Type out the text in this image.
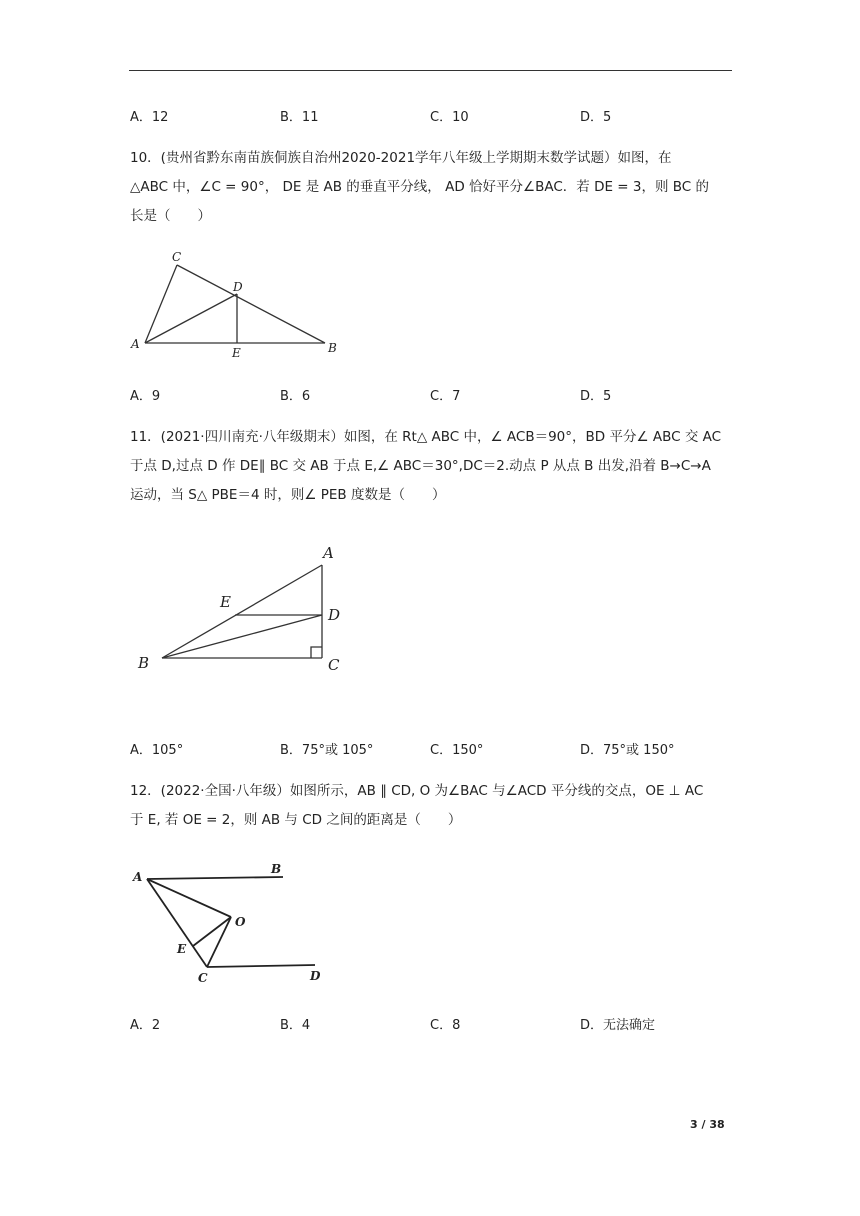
A．12	B．11	C．10	D．5
10．(贵州省黔东南苗族侗族自治州2020-2021学年八年级上学期期末数学试题）如图，在
△ABC 中，∠C = 90°， DE 是 AB 的垂直平分线， AD 恰好平分∠BAC．若 DE = 3，则 BC 的
长是（　　）
C
D
A
E	B
A．9	B．6	C．7	D．5
11．(2021·四川南充·八年级期末）如图，在 Rt△ ABC 中，∠ ACB＝90°，BD 平分∠ ABC 交 AC
于点 D,过点 D 作 DE∥ BC 交 AB 于点 E,∠ ABC＝30°,DC＝2.动点 P 从点 B 出发,沿着 B→C→A
运动，当 S△ PBE＝4 时，则∠ PEB 度数是（　　）
A
E
D
B	C
A．105°	B．75°或 105°	C．150°	D．75°或 150°
12．(2022·全国·八年级）如图所示，AB ∥ CD, O 为∠BAC 与∠ACD 平分线的交点，OE ⊥ AC
于 E, 若 OE = 2，则 AB 与 CD 之间的距离是（　　）
A
B
O
E
C	D
A．2	B．4	C．8	D．无法确定
3 / 38
